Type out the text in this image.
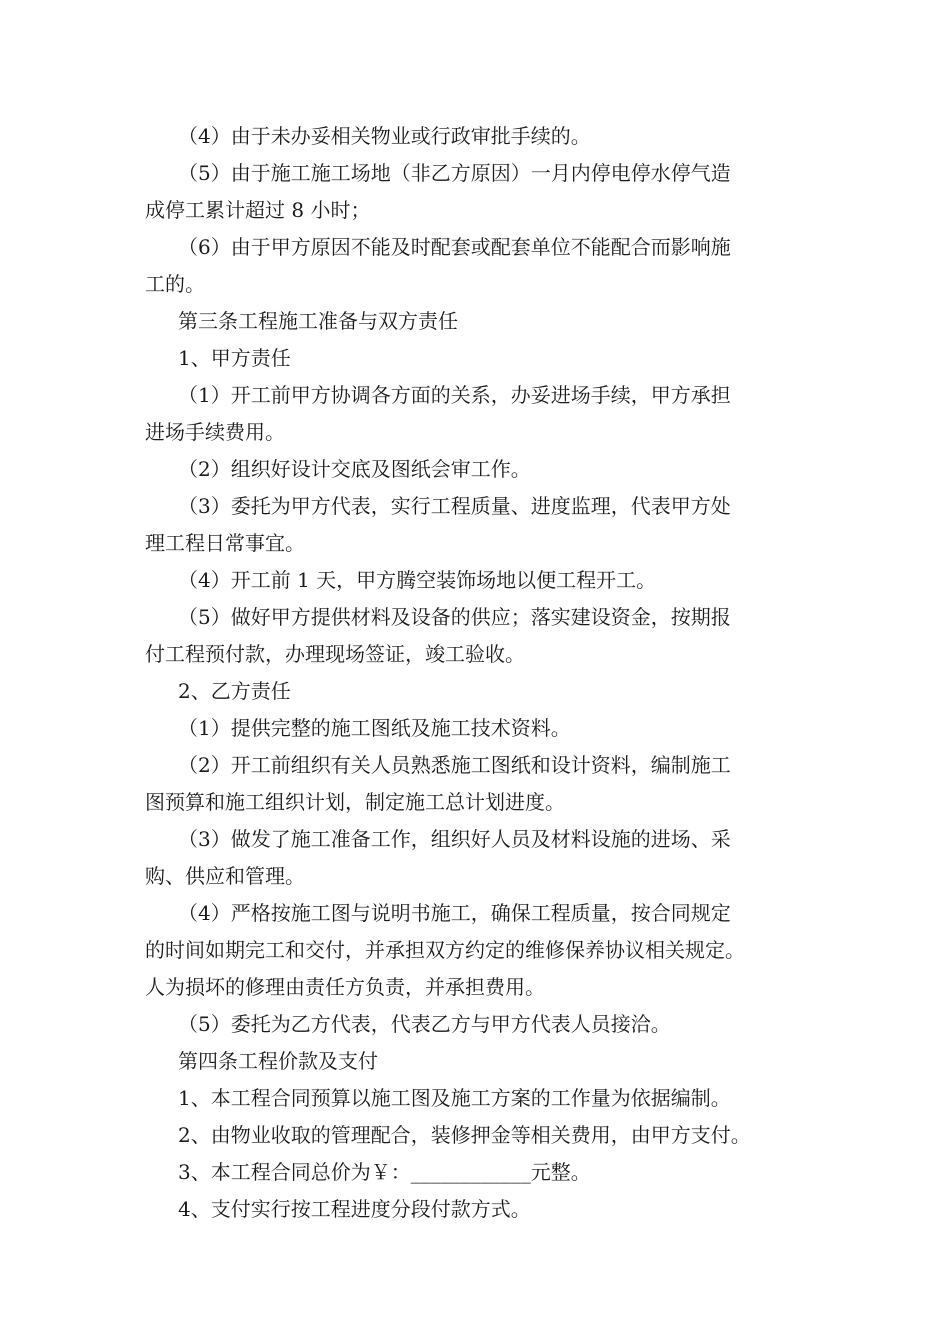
（4）由于未办妥相关物业或行政审批手续的。

（5）由于施工施工场地（非乙方原因）一月内停电停水停气造

成停工累计超过 8 小时；

（6）由于甲方原因不能及时配套或配套单位不能配合而影响施

工的。

第三条工程施工准备与双方责任

1、甲方责任

（1）开工前甲方协调各方面的关系，办妥进场手续，甲方承担

进场手续费用。

（2）组织好设计交底及图纸会审工作。

（3）委托为甲方代表，实行工程质量、进度监理，代表甲方处

理工程日常事宜。

（4）开工前 1 天，甲方腾空装饰场地以便工程开工。

（5）做好甲方提供材料及设备的供应；落实建设资金，按期报

付工程预付款，办理现场签证，竣工验收。

2、乙方责任

（1）提供完整的施工图纸及施工技术资料。

（2）开工前组织有关人员熟悉施工图纸和设计资料，编制施工

图预算和施工组织计划，制定施工总计划进度。

（3）做发了施工准备工作，组织好人员及材料设施的进场、采

购、供应和管理。

（4）严格按施工图与说明书施工，确保工程质量，按合同规定

的时间如期完工和交付，并承担双方约定的维修保养协议相关规定。

人为损坏的修理由责任方负责，并承担费用。

（5）委托为乙方代表，代表乙方与甲方代表人员接洽。

第四条工程价款及支付

1、本工程合同预算以施工图及施工方案的工作量为依据编制。

2、由物业收取的管理配合，装修押金等相关费用，由甲方支付。

3、本工程合同总价为￥：____________元整。

4、支付实行按工程进度分段付款方式。
